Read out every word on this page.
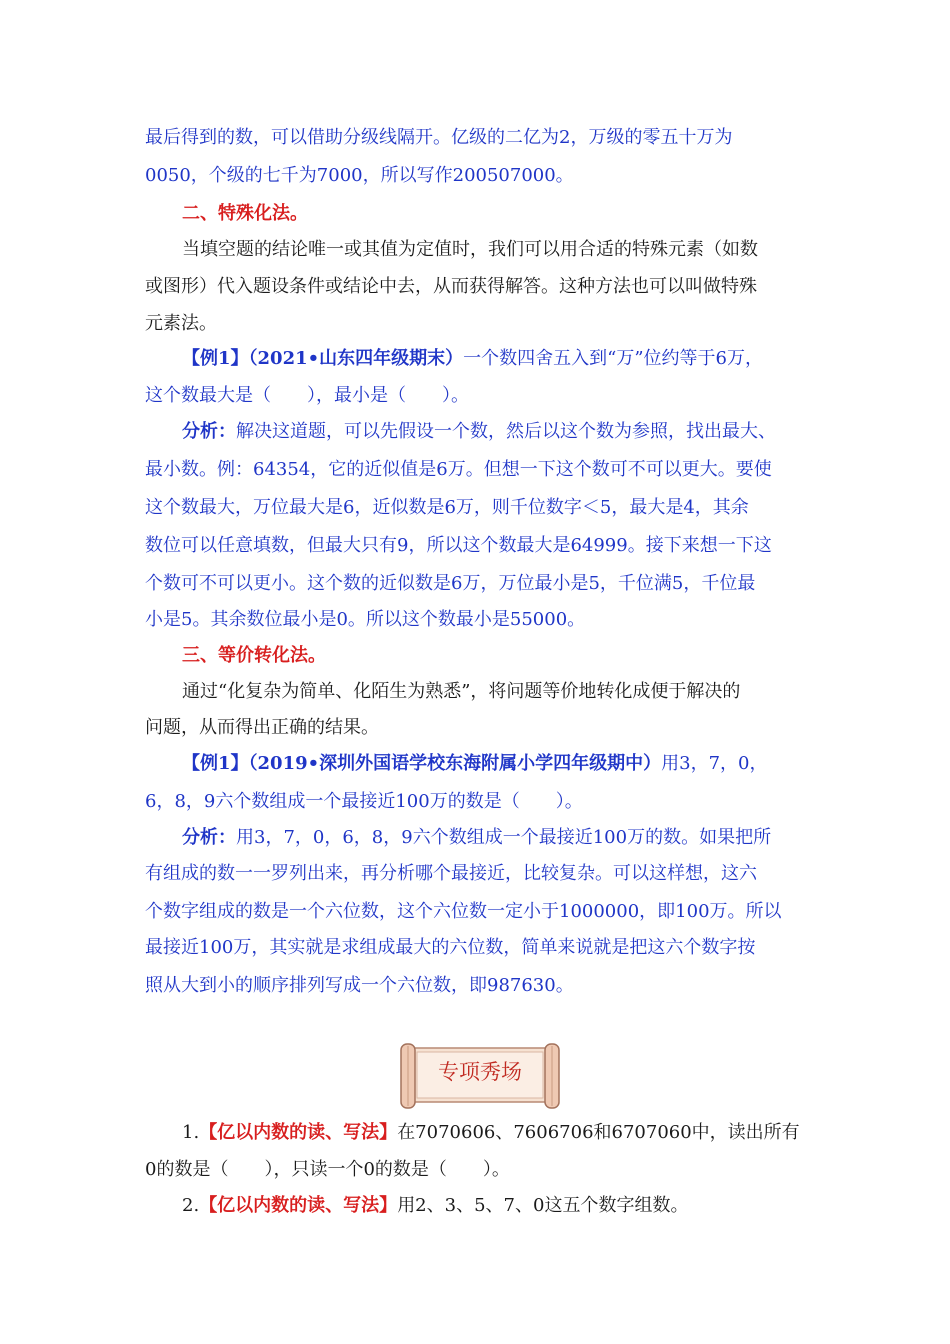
最后得到的数，可以借助分级线隔开。亿级的二亿为2，万级的零五十万为
0050，个级的七千为7000，所以写作200507000。
二、特殊化法。
当填空题的结论唯一或其值为定值时，我们可以用合适的特殊元素（如数
或图形）代入题设条件或结论中去，从而获得解答。这种方法也可以叫做特殊
元素法。
【例1】（2021•山东四年级期末）一个数四舍五入到“万”位约等于6万，
这个数最大是（　　），最小是（　　）。
分析：解决这道题，可以先假设一个数，然后以这个数为参照，找出最大、
最小数。例：64354，它的近似值是6万。但想一下这个数可不可以更大。要使
这个数最大，万位最大是6，近似数是6万，则千位数字＜5，最大是4，其余
数位可以任意填数，但最大只有9，所以这个数最大是64999。接下来想一下这
个数可不可以更小。这个数的近似数是6万，万位最小是5，千位满5，千位最
小是5。其余数位最小是0。所以这个数最小是55000。
三、等价转化法。
通过“化复杂为简单、化陌生为熟悉”，将问题等价地转化成便于解决的
问题，从而得出正确的结果。
【例1】（2019•深圳外国语学校东海附属小学四年级期中）用3，7，0，
6，8，9六个数组成一个最接近100万的数是（　　）。
分析：用3，7，0，6，8，9六个数组成一个最接近100万的数。如果把所
有组成的数一一罗列出来，再分析哪个最接近，比较复杂。可以这样想，这六
个数字组成的数是一个六位数，这个六位数一定小于1000000，即100万。所以
最接近100万，其实就是求组成最大的六位数，简单来说就是把这六个数字按
照从大到小的顺序排列写成一个六位数，即987630。
专项秀场
1.【亿以内数的读、写法】在7070606、7606706和6707060中，读出所有
0的数是（　　），只读一个0的数是（　　）。
2.【亿以内数的读、写法】用2、3、5、7、0这五个数字组数。
